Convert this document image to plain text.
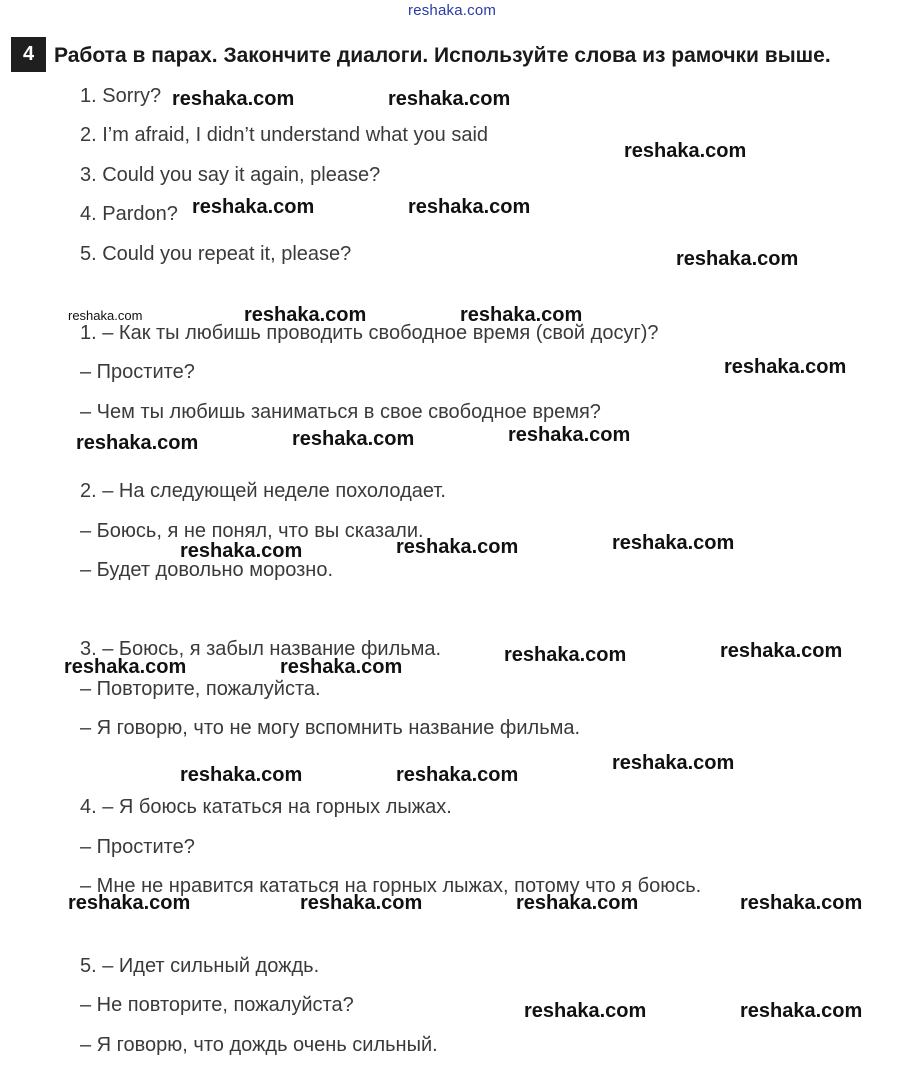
reshaka.com
4 Работа в парах. Закончите диалоги. Используйте слова из рамочки выше.
1. Sorry?
2. I’m afraid, I didn’t understand what you said
3. Could you say it again, please?
4. Pardon?
5. Could you repeat it, please?
1. – Как ты любишь проводить свободное время (свой досуг)?
– Простите?
– Чем ты любишь заниматься в свое свободное время?
2. – На следующей неделе похолодает.
– Боюсь, я не понял, что вы сказали.
– Будет довольно морозно.
3. – Боюсь, я забыл название фильма.
– Повторите, пожалуйста.
– Я говорю, что не могу вспомнить название фильма.
4. – Я боюсь кататься на горных лыжах.
– Простите?
– Мне не нравится кататься на горных лыжах, потому что я боюсь.
5. – Идет сильный дождь.
– Не повторите, пожалуйста?
– Я говорю, что дождь очень сильный.
reshaka.com	reshaka.com
reshaka.com
reshaka.com	reshaka.com
reshaka.com
reshaka.com	reshaka.com	reshaka.com
reshaka.com
reshaka.com	reshaka.com	reshaka.com
reshaka.com	reshaka.com	reshaka.com
reshaka.com	reshaka.com
reshaka.com	reshaka.com
reshaka.com	reshaka.com
reshaka.com
reshaka.com	reshaka.com	reshaka.com	reshaka.com
reshaka.com	reshaka.com
